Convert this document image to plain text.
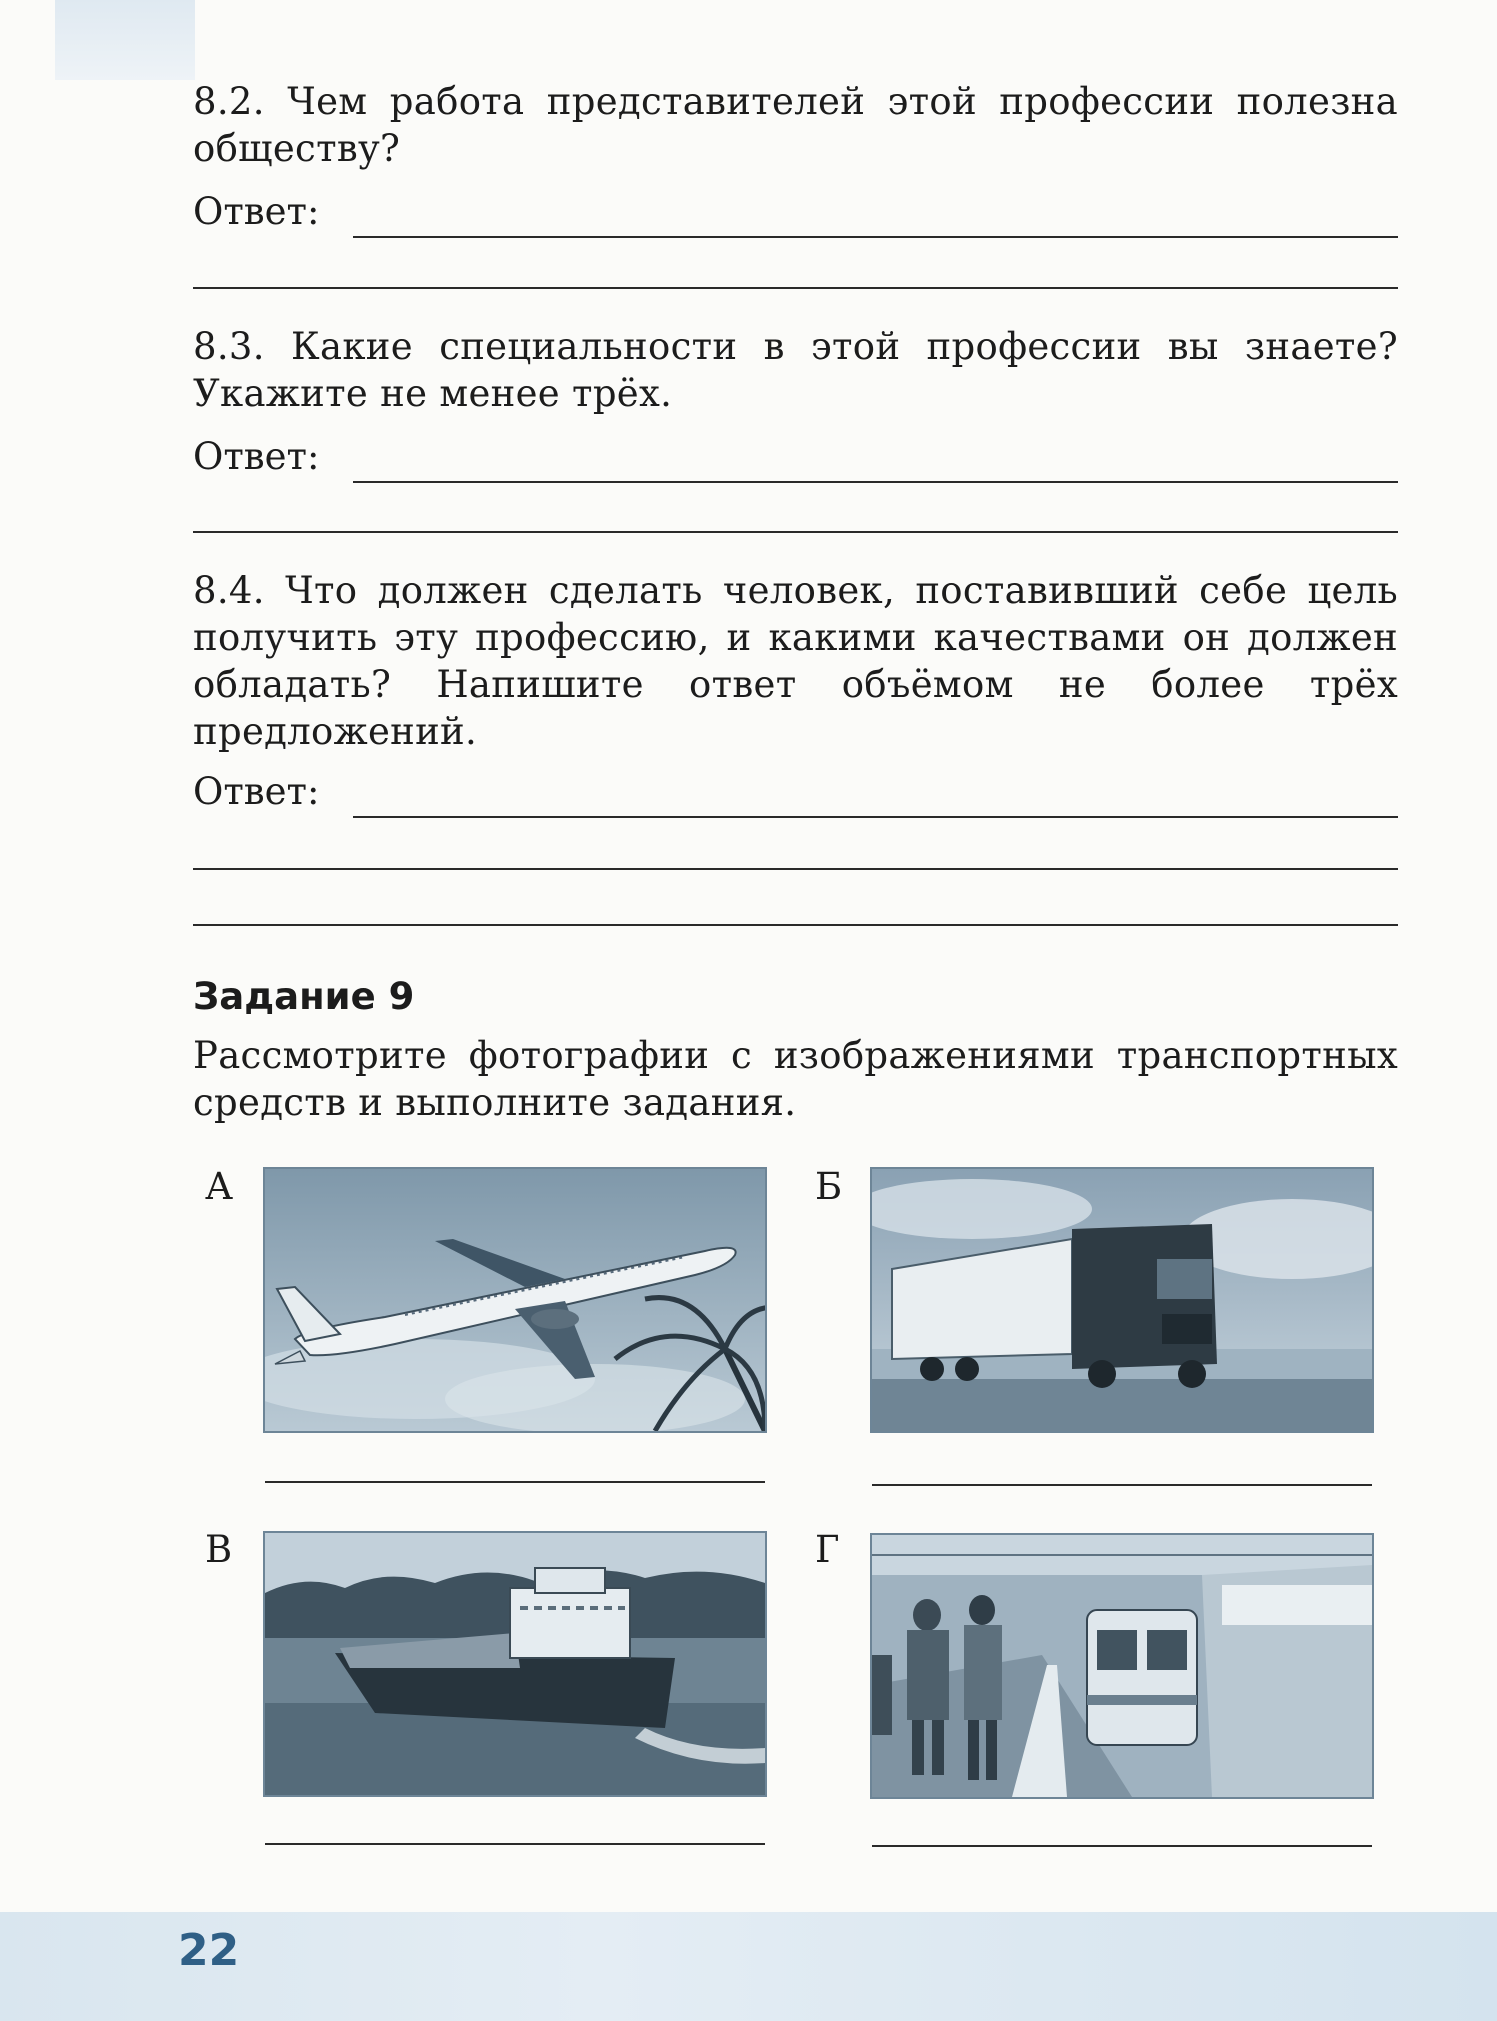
8.2. Чем работа представителей этой профессии полезна обществу?
Ответ:
8.3. Какие специальности в этой профессии вы знаете? Укажите не менее трёх.
Ответ:
8.4. Что должен сделать человек, поставивший себе цель получить эту профессию, и какими качествами он должен обладать? Напишите ответ объёмом не более трёх предложений.
Ответ:
Задание 9
Рассмотрите фотографии с изображениями транспортных средств и выполните задания.
А	Б
В	Г
22
